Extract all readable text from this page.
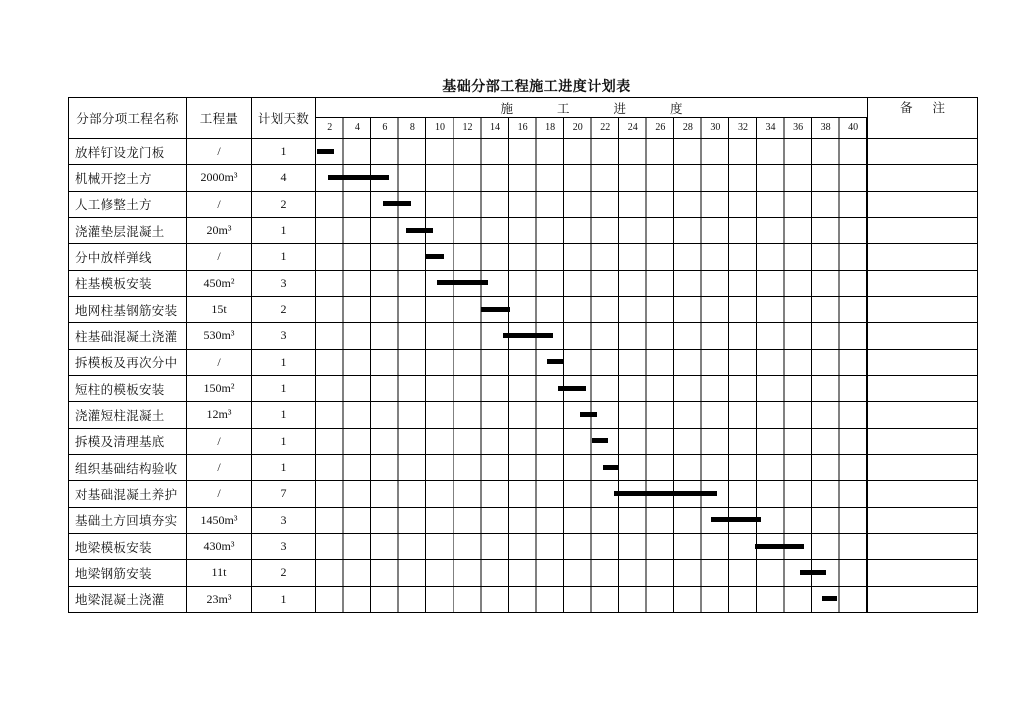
基础分部工程施工进度计划表
分部分项工程名称	工程量	计划天数
施工进度
2	4	6	8	10	12	14	16	18	20	22	24	26	28	30	32	34	36	38	40
备注
放样钉设龙门板	/	1
机械开挖土方	2000m³	4
人工修整土方	/	2
浇灌垫层混凝土	20m³	1
分中放样弹线	/	1
柱基模板安装	450m²	3
地网柱基钢筋安装	15t	2
柱基础混凝土浇灌	530m³	3
拆模板及再次分中	/	1
短柱的模板安装	150m²	1
浇灌短柱混凝土	12m³	1
拆模及清理基底	/	1
组织基础结构验收	/	1
对基础混凝土养护	/	7
基础土方回填夯实	1450m³	3
地梁模板安装	430m³	3
地梁钢筋安装	11t	2
地梁混凝土浇灌	23m³	1
